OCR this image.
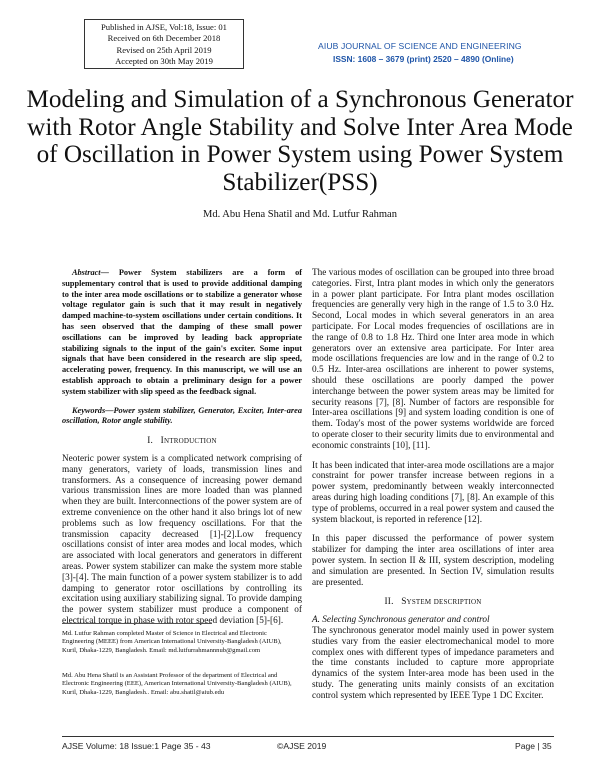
Published in AJSE, Vol:18, Issue: 01
Received on 6th December 2018
Revised on 25th April 2019
Accepted on 30th May 2019
AIUB JOURNAL OF SCIENCE AND ENGINEERING
ISSN: 1608 – 3679 (print) 2520 – 4890 (Online)
Modeling and Simulation of a Synchronous Generator with Rotor Angle Stability and Solve Inter Area Mode of Oscillation in Power System using Power System Stabilizer(PSS)
Md. Abu Hena Shatil and Md. Lutfur Rahman

Abstract— Power System stabilizers are a form of supplementary control that is used to provide additional damping to the inter area mode oscillations or to stabilize a generator whose voltage regulator gain is such that it may result in negatively damped machine-to-system oscillations under certain conditions. It has seen observed that the damping of these small power oscillations can be improved by leading back appropriate stabilizing signals to the input of the gain's exciter. Some input signals that have been considered in the research are slip speed, accelerating power, frequency. In this manuscript, we will use an establish approach to obtain a preliminary design for a power system stabilizer with slip speed as the feedback signal.

Keywords—Power system stabilizer, Generator, Exciter, Inter-area oscillation, Rotor angle stability.

I. Introduction

Neoteric power system is a complicated network comprising of many generators, variety of loads, transmission lines and transformers. As a consequence of increasing power demand various transmission lines are more loaded than was planned when they are built. Interconnections of the power system are of extreme convenience on the other hand it also brings lot of new problems such as low frequency oscillations. For that the transmission capacity decreased [1]-[2].Low frequency oscillations consist of inter area modes and local modes, which are associated with local generators and generators in different areas. Power system stabilizer can make the system more stable [3]-[4]. The main function of a power system stabilizer is to add damping to generator rotor oscillations by controlling its excitation using auxiliary stabilizing signal. To provide damping the power system stabilizer must produce a component of electrical torque in phase with rotor speed deviation [5]-[6].

The various modes of oscillation can be grouped into three broad categories. First, Intra plant modes in which only the generators in a power plant participate. For Intra plant modes oscillation frequencies are generally very high in the range of 1.5 to 3.0 Hz. Second, Local modes in which several generators in an area participate. For Local modes frequencies of oscillations are in the range of 0.8 to 1.8 Hz. Third one Inter area mode in which generators over an extensive area participate. For Inter area mode oscillations frequencies are low and in the range of 0.2 to 0.5 Hz. Inter-area oscillations are inherent to power systems, should these oscillations are poorly damped the power interchange between the power system areas may be limited for security reasons [7], [8]. Number of factors are responsible for Inter-area oscillations [9] and system loading condition is one of them. Today's most of the power systems worldwide are forced to operate closer to their security limits due to environmental and economic constraints [10], [11].

It has been indicated that inter-area mode oscillations are a major constraint for power transfer increase between regions in a power system, predominantly between weakly interconnected areas during high loading conditions [7], [8]. An example of this type of problems, occurred in a real power system and caused the system blackout, is reported in reference [12].

In this paper discussed the performance of power system stabilizer for damping the inter area oscillations of inter area power system. In section II & III, system description, modeling and simulation are presented. In Section IV, simulation results are presented.

II. System description

A. Selecting Synchronous generator and control

The synchronous generator model mainly used in power system studies vary from the easier electromechanical model to more complex ones with different types of impedance parameters and the time constants included to capture more appropriate dynamics of the system Inter-area mode has been used in the study. The generating units mainly consists of an excitation control system which represented by IEEE Type 1 DC Exciter.

Md. Lutfur Rahman completed Master of Science in Electrical and Electronic Engineering (MEEE) from American International University-Bangladesh (AIUB), Kuril, Dhaka-1229, Bangladesh. Email: md.lutfurrahmannnub@gmail.com
Md. Abu Hena Shatil is an Assistant Professor of the department of Electrical and Electronic Engineering (EEE), American International University-Bangladesh (AIUB), Kuril, Dhaka-1229, Bangladesh.. Email: abu.shatil@aiub.edu
AJSE Volume: 18 Issue:1 Page 35 - 43	©AJSE 2019	Page | 35
